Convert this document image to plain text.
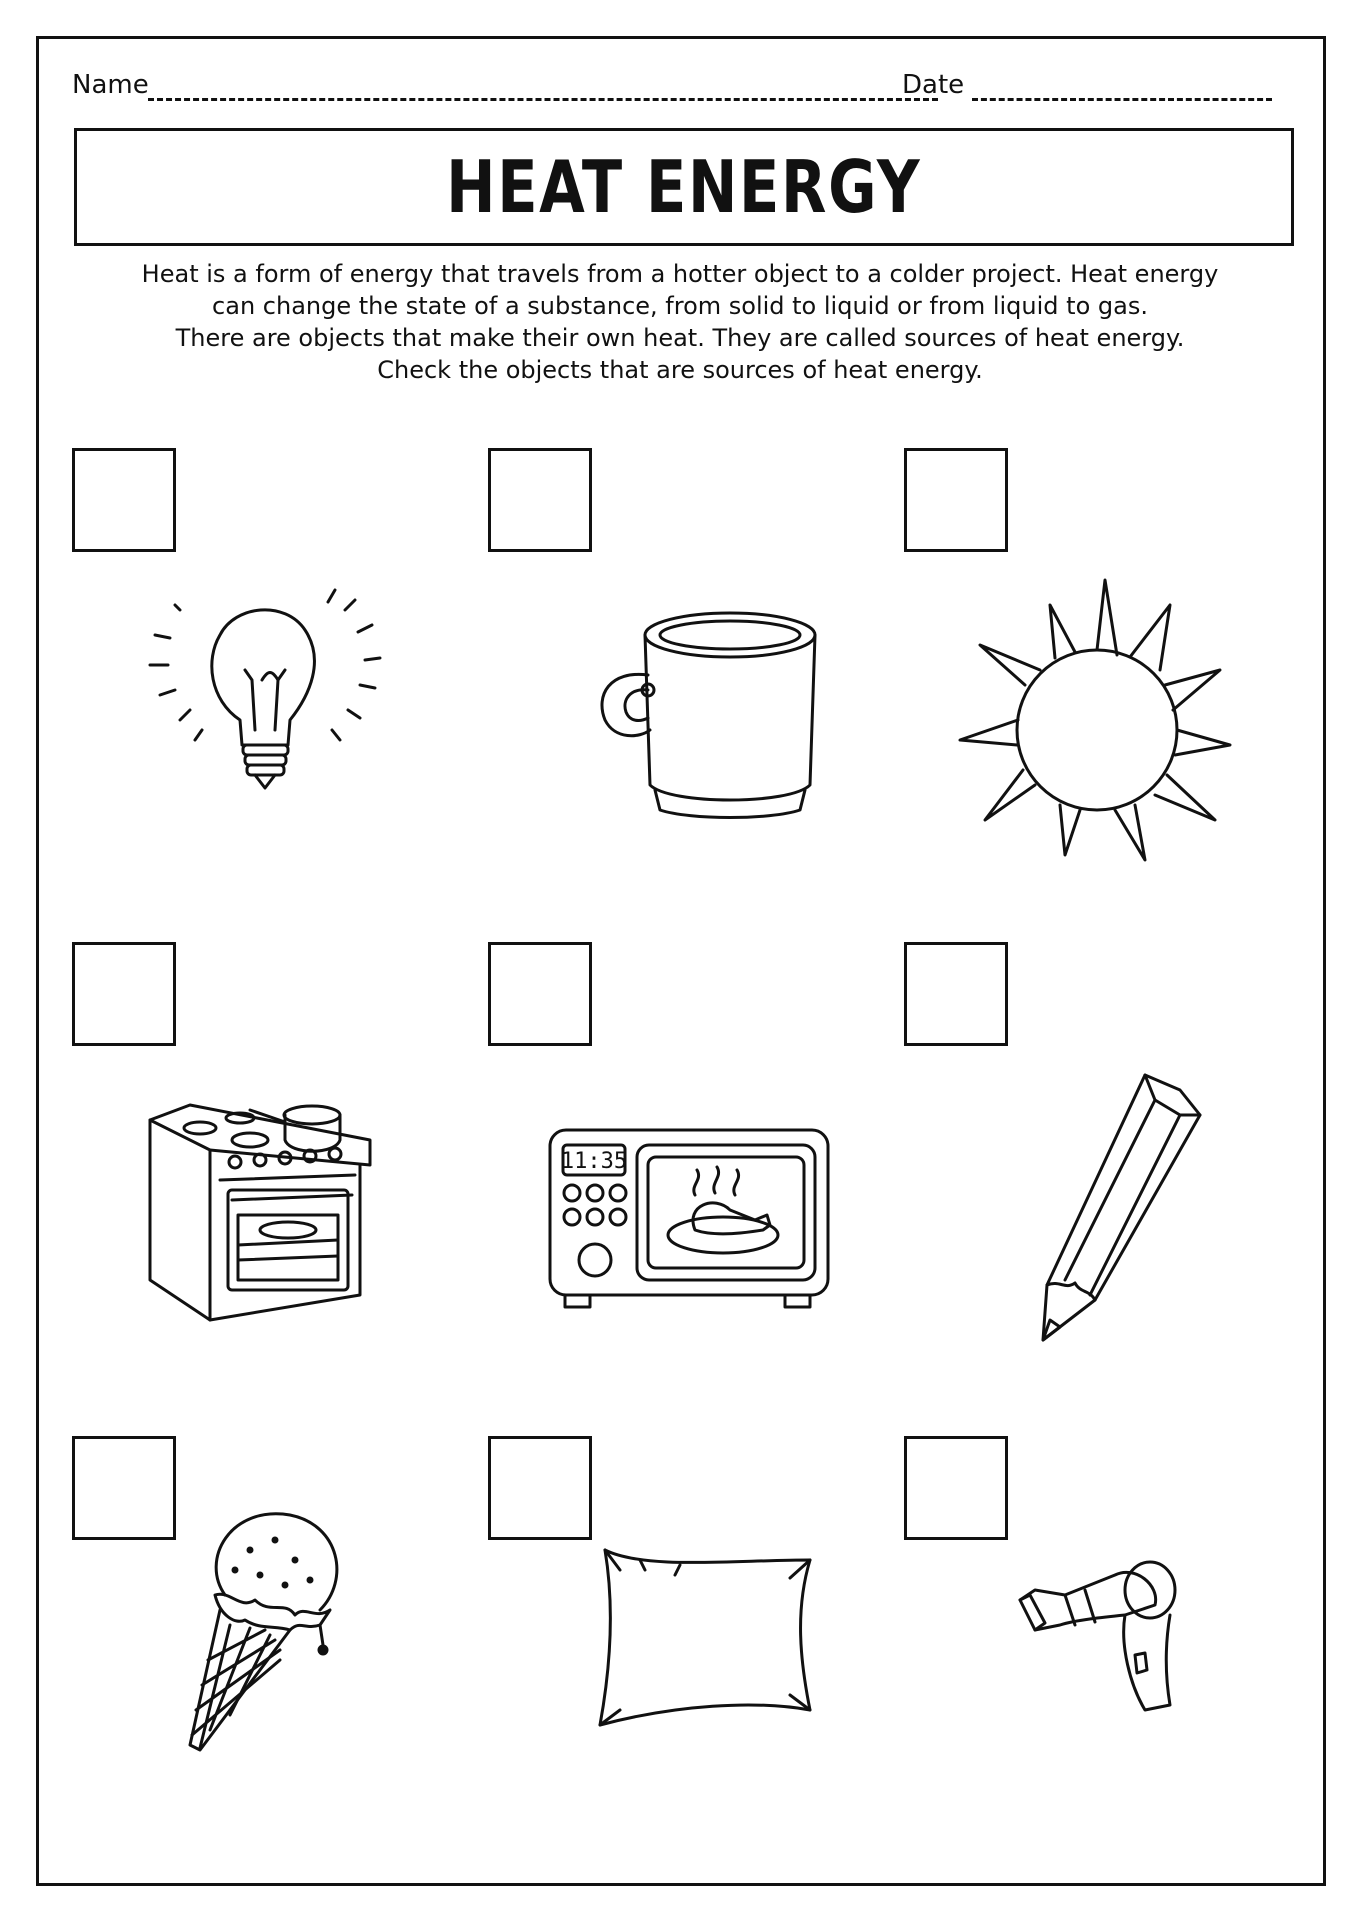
Name	Date
HEAT ENERGY
Heat is a form of energy that travels from a hotter object to a colder project. Heat energy
can change the state of a substance, from solid to liquid or from liquid to gas.
There are objects that make their own heat. They are called sources of heat energy.
Check the objects that are sources of heat energy.
11:35
